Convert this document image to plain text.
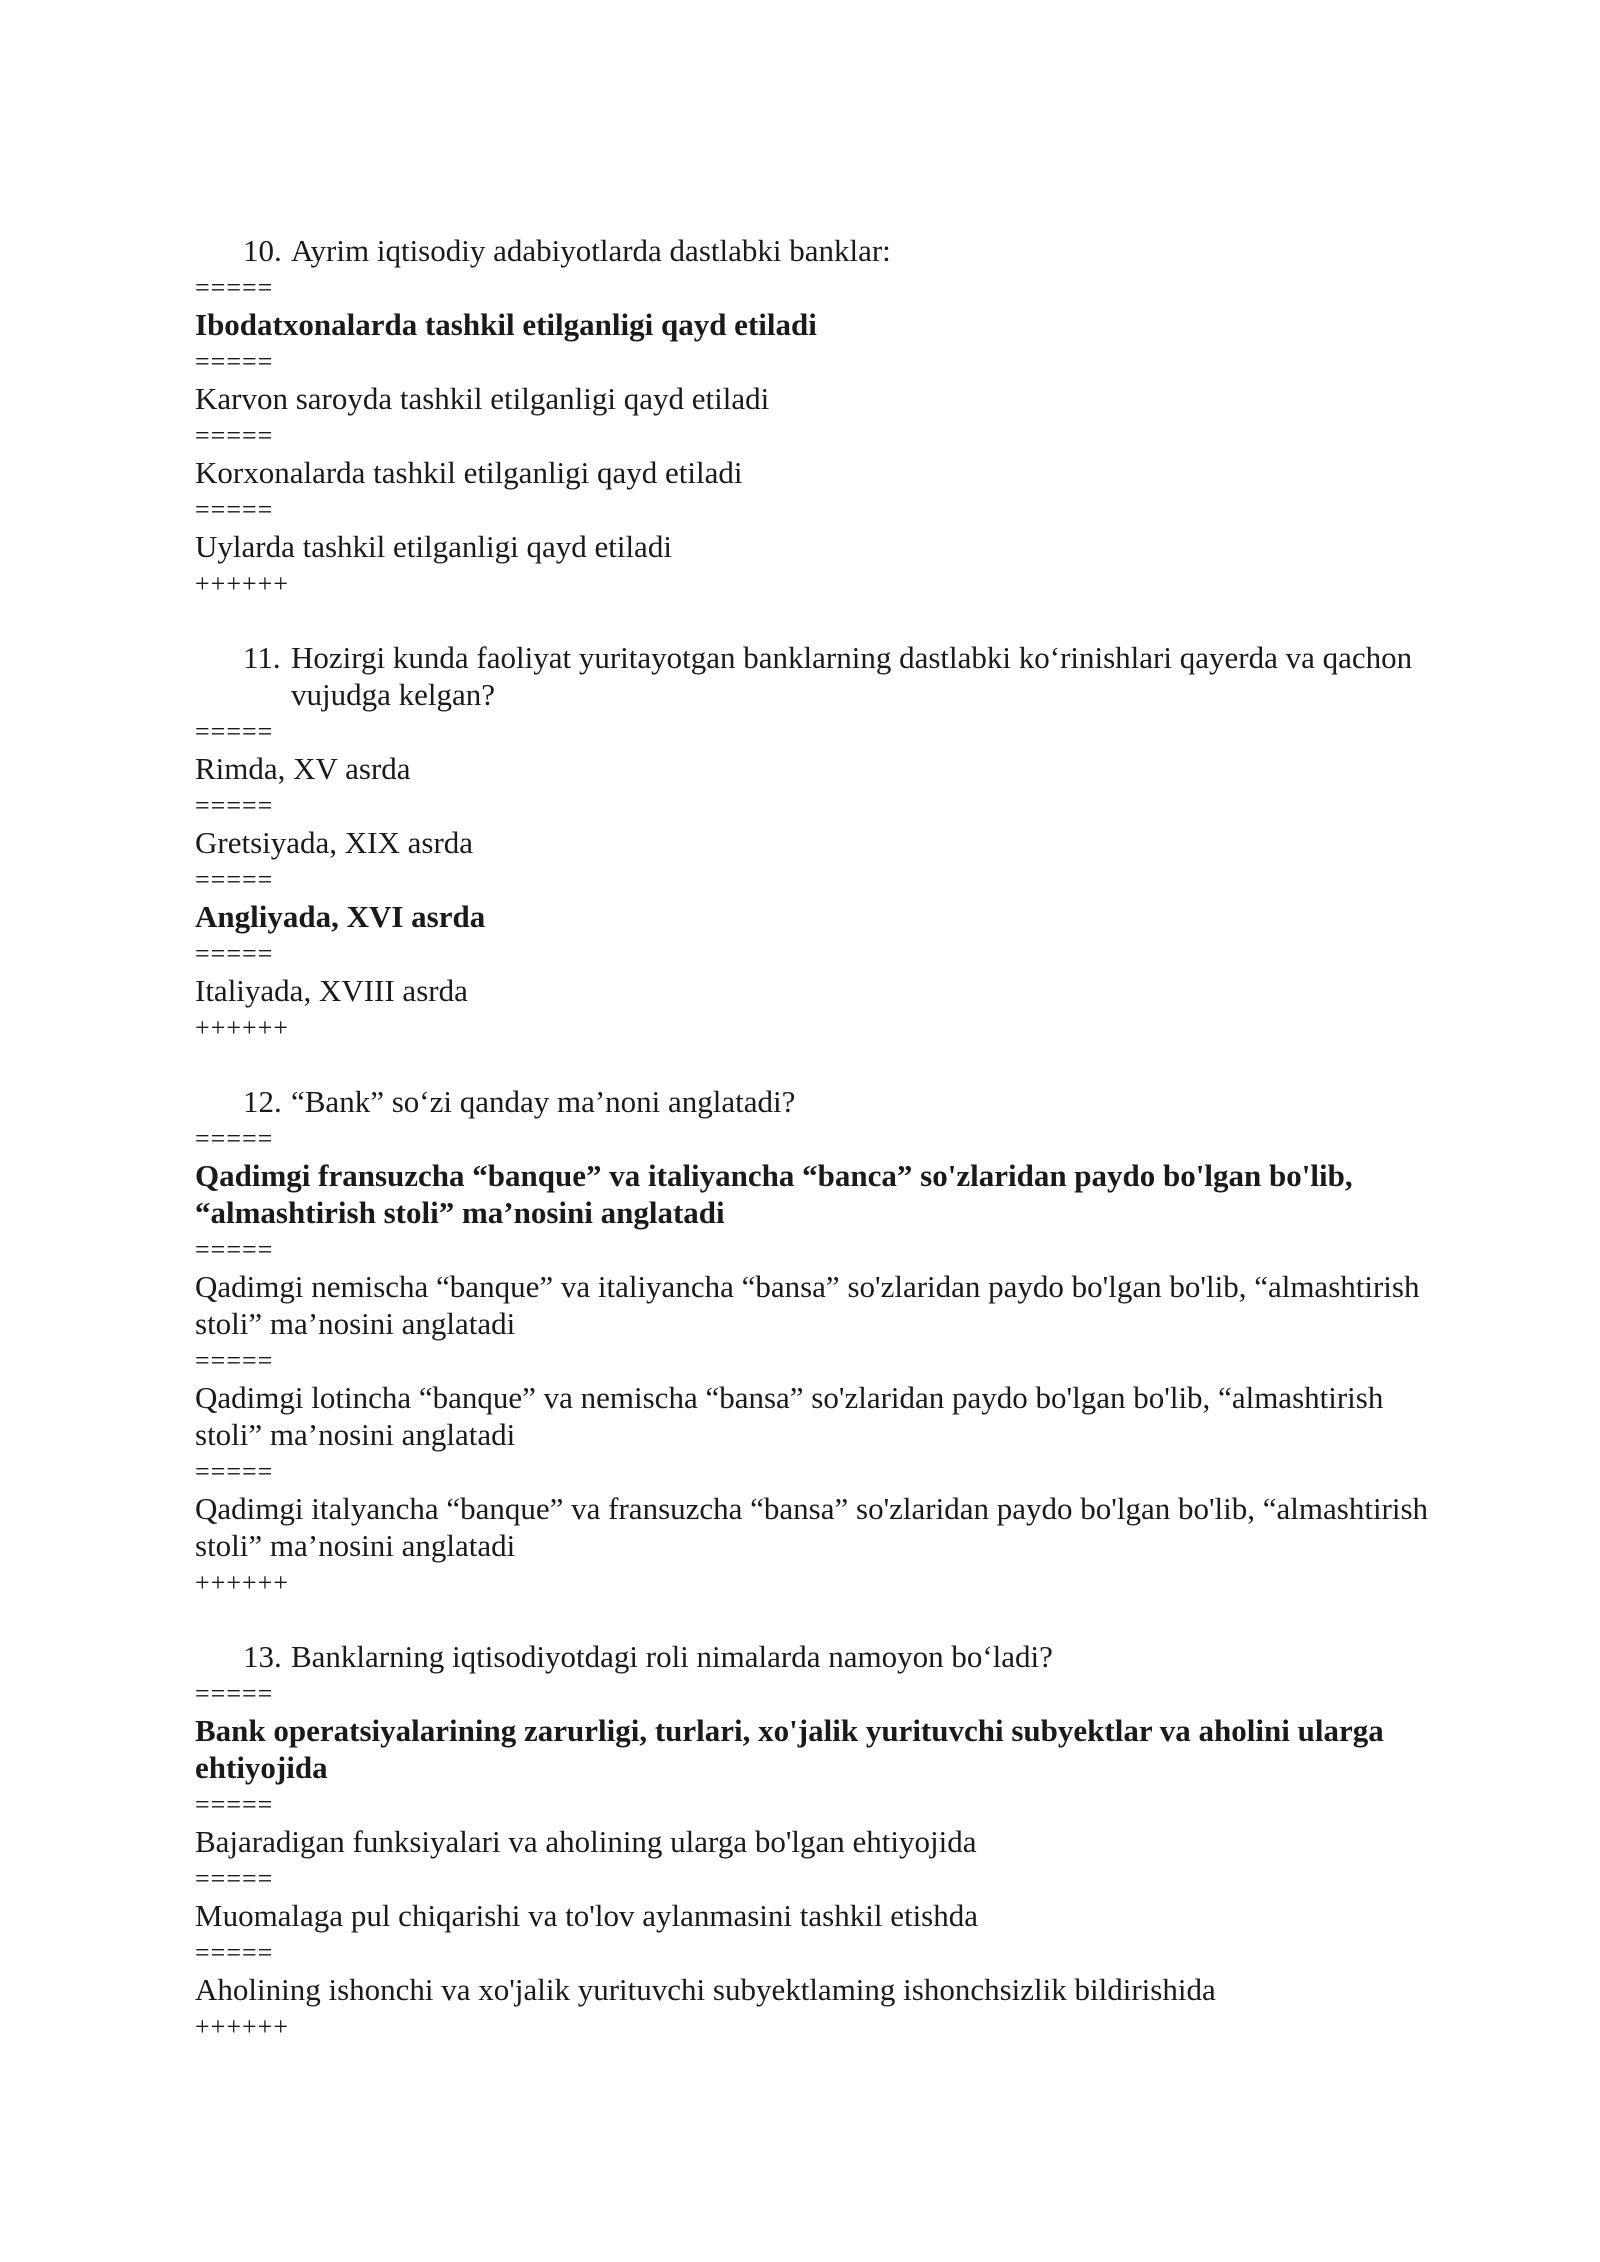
10. Ayrim iqtisodiy adabiyotlarda dastlabki banklar:
=====
Ibodatxonalarda tashkil etilganligi qayd etiladi
=====
Karvon saroyda tashkil etilganligi qayd etiladi
=====
Korxonalarda tashkil etilganligi qayd etiladi
=====
Uylarda tashkil etilganligi qayd etiladi
++++++
11. Hozirgi kunda faoliyat yuritayotgan banklarning dastlabki ko‘rinishlari qayerda va qachon vujudga kelgan?
=====
Rimda, XV asrda
=====
Gretsiyada, XIX asrda
=====
Angliyada, XVI asrda
=====
Italiyada, XVIII asrda
++++++
12. “Bank” so‘zi qanday ma’noni anglatadi?
=====
Qadimgi fransuzcha “banque” va italiyancha “banca” so'zlaridan paydo bo'lgan bo'lib, “almashtirish stoli” ma’nosini anglatadi
=====
Qadimgi nemischa “banque” va italiyancha “bansa” so'zlaridan paydo bo'lgan bo'lib, “almashtirish stoli” ma’nosini anglatadi
=====
Qadimgi lotincha “banque” va nemischa “bansa” so'zlaridan paydo bo'lgan bo'lib, “almashtirish stoli” ma’nosini anglatadi
=====
Qadimgi italyancha “banque” va fransuzcha “bansa” so'zlaridan paydo bo'lgan bo'lib, “almashtirish stoli” ma’nosini anglatadi
++++++
13. Banklarning iqtisodiyotdagi roli nimalarda namoyon bo‘ladi?
=====
Bank operatsiyalarining zarurligi, turlari, xo'jalik yurituvchi subyektlar va aholini ularga ehtiyojida
=====
Bajaradigan funksiyalari va aholining ularga bo'lgan ehtiyojida
=====
Muomalaga pul chiqarishi va to'lov aylanmasini tashkil etishda
=====
Aholining ishonchi va xo'jalik yurituvchi subyektlaming ishonchsizlik bildirishida
++++++
